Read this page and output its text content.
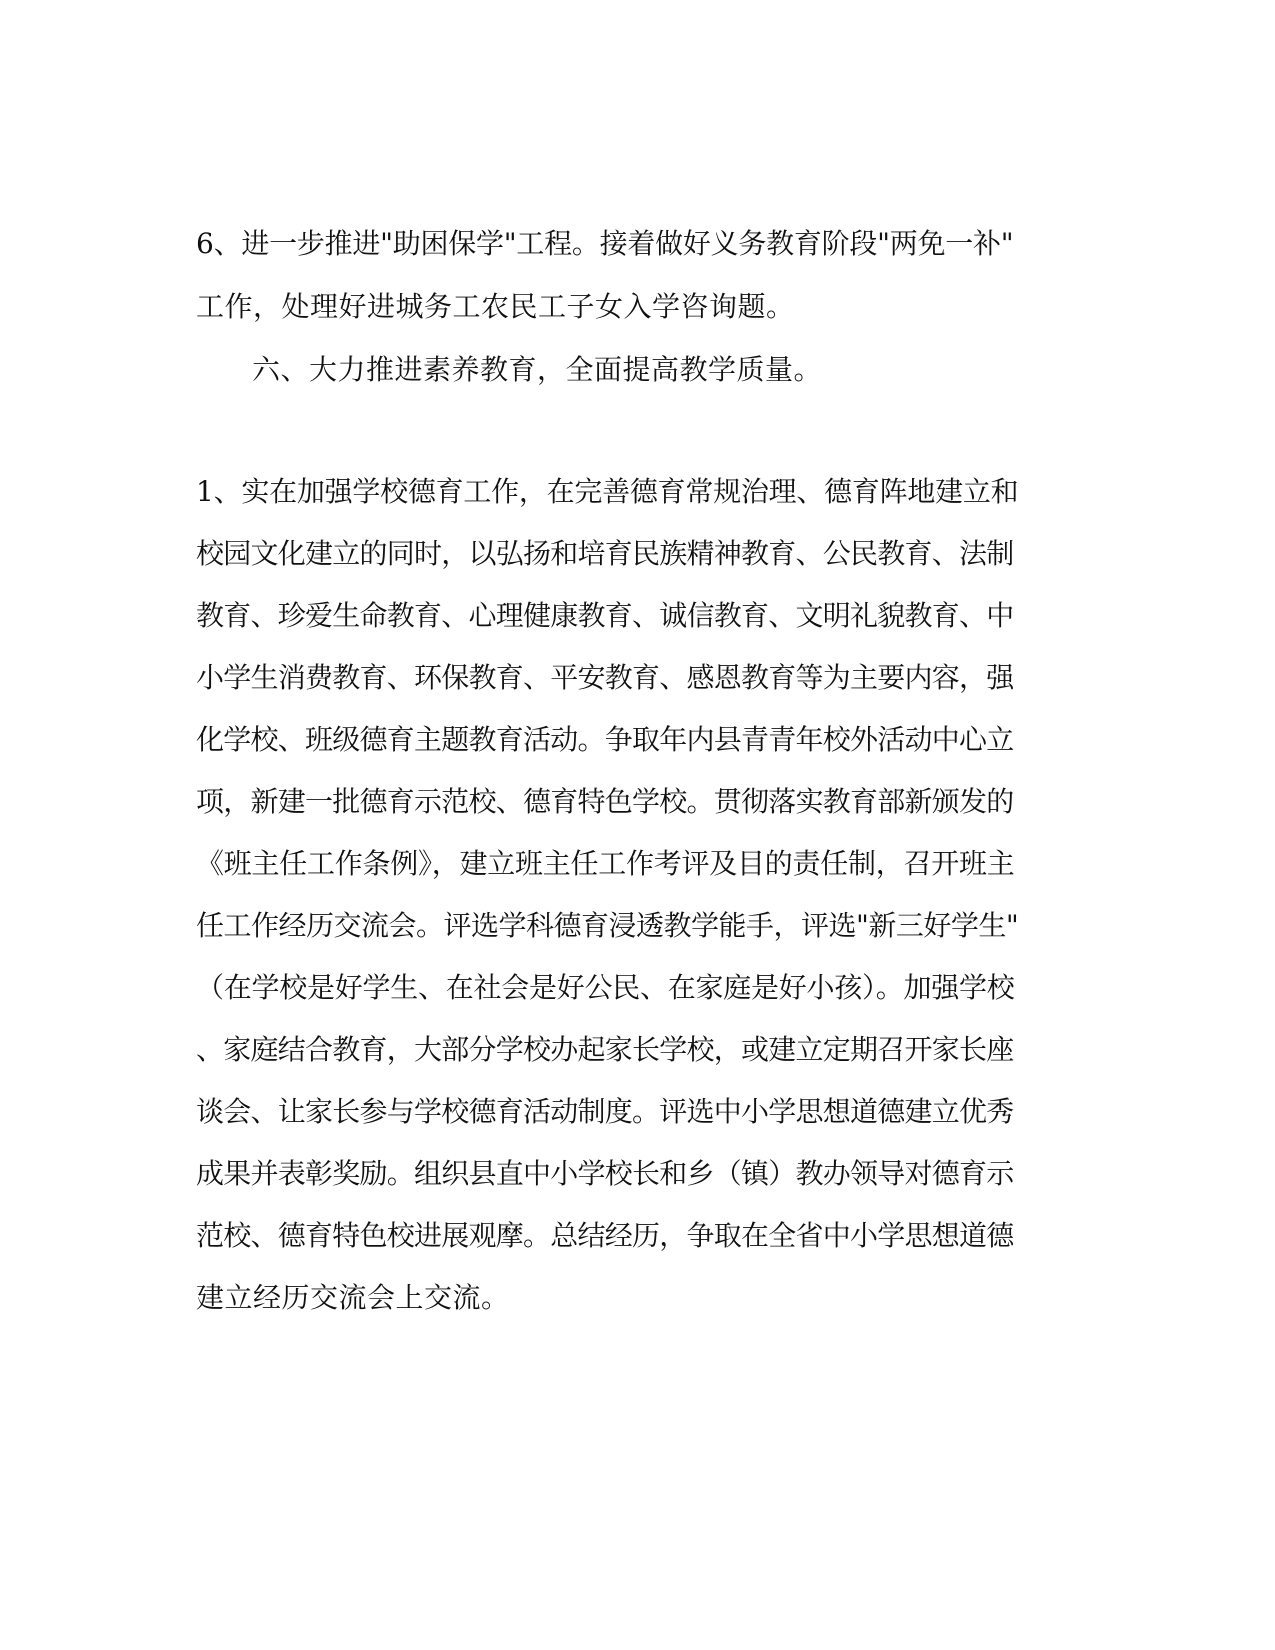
6、进一步推进"助困保学"工程。接着做好义务教育阶段"两免一补"
工作，处理好进城务工农民工子女入学咨询题。
六、大力推进素养教育，全面提高教学质量。
1、实在加强学校德育工作，在完善德育常规治理、德育阵地建立和
校园文化建立的同时，以弘扬和培育民族精神教育、公民教育、法制
教育、珍爱生命教育、心理健康教育、诚信教育、文明礼貌教育、中
小学生消费教育、环保教育、平安教育、感恩教育等为主要内容，强
化学校、班级德育主题教育活动。争取年内县青青年校外活动中心立
项，新建一批德育示范校、德育特色学校。贯彻落实教育部新颁发的
《班主任工作条例》，建立班主任工作考评及目的责任制，召开班主
任工作经历交流会。评选学科德育浸透教学能手，评选"新三好学生"
（在学校是好学生、在社会是好公民、在家庭是好小孩）。加强学校
、家庭结合教育，大部分学校办起家长学校，或建立定期召开家长座
谈会、让家长参与学校德育活动制度。评选中小学思想道德建立优秀
成果并表彰奖励。组织县直中小学校长和乡（镇）教办领导对德育示
范校、德育特色校进展观摩。总结经历，争取在全省中小学思想道德
建立经历交流会上交流。
